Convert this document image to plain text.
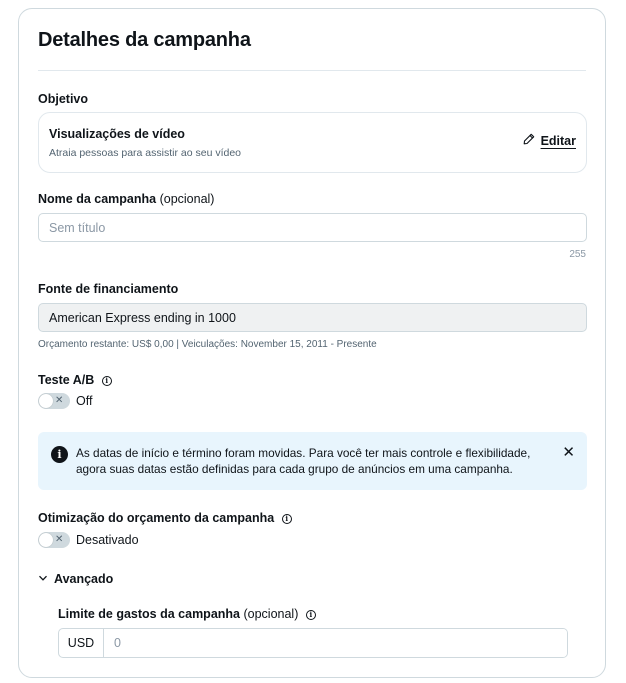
Detalhes da campanha
Objetivo
Visualizações de vídeo
Atraia pessoas para assistir ao seu vídeo
Editar
Nome da campanha (opcional)
Sem título
255
Fonte de financiamento
American Express ending in 1000
Orçamento restante: US$ 0,00 | Veiculações: November 15, 2011 - Presente
Teste A/B i
✕ Off
i	As datas de início e término foram movidas. Para você ter mais controle e flexibilidade, agora suas datas estão definidas para cada grupo de anúncios em uma campanha.
✕
Otimização do orçamento da campanha i
✕ Desativado
Avançado
Limite de gastos da campanha (opcional) i
USD
0
